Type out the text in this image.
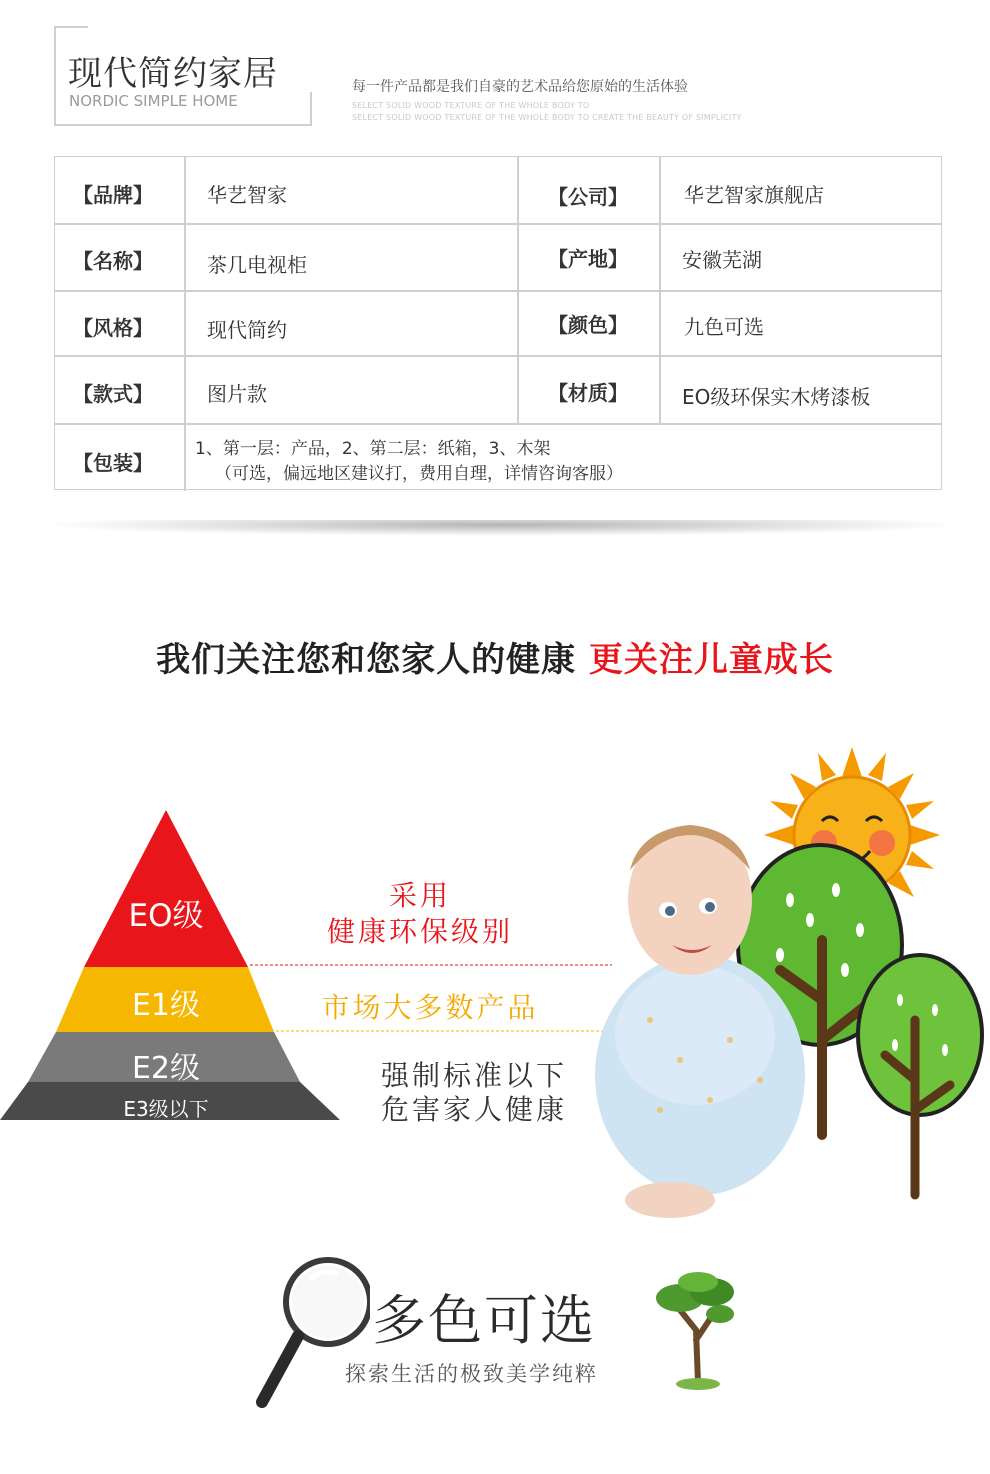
现代简约家居
NORDIC SIMPLE HOME
每一件产品都是我们自豪的艺术品给您原始的生活体验
SELECT SOLID WOOD TEXTURE OF THE WHOLE BODY TO
SELECT SOLID WOOD TEXTURE OF THE WHOLE BODY TO CREATE THE BEAUTY OF SIMPLICITY
【品牌】	华艺智家	【公司】	华艺智家旗舰店
【名称】	茶几电视柜	【产地】	安徽芜湖
【风格】	现代简约	【颜色】	九色可选
【款式】	图片款	【材质】	EO级环保实木烤漆板
【包装】
1、第一层：产品，2、第二层：纸箱，3、木架
（可选，偏远地区建议打，费用自理，详情咨询客服）
我们关注您和您家人的健康 更关注儿童成长
EO级
E1级
E2级
E3级以下
采用
健康环保级别
市场大多数产品
强制标准以下
危害家人健康
多色可选
探索生活的极致美学纯粹
